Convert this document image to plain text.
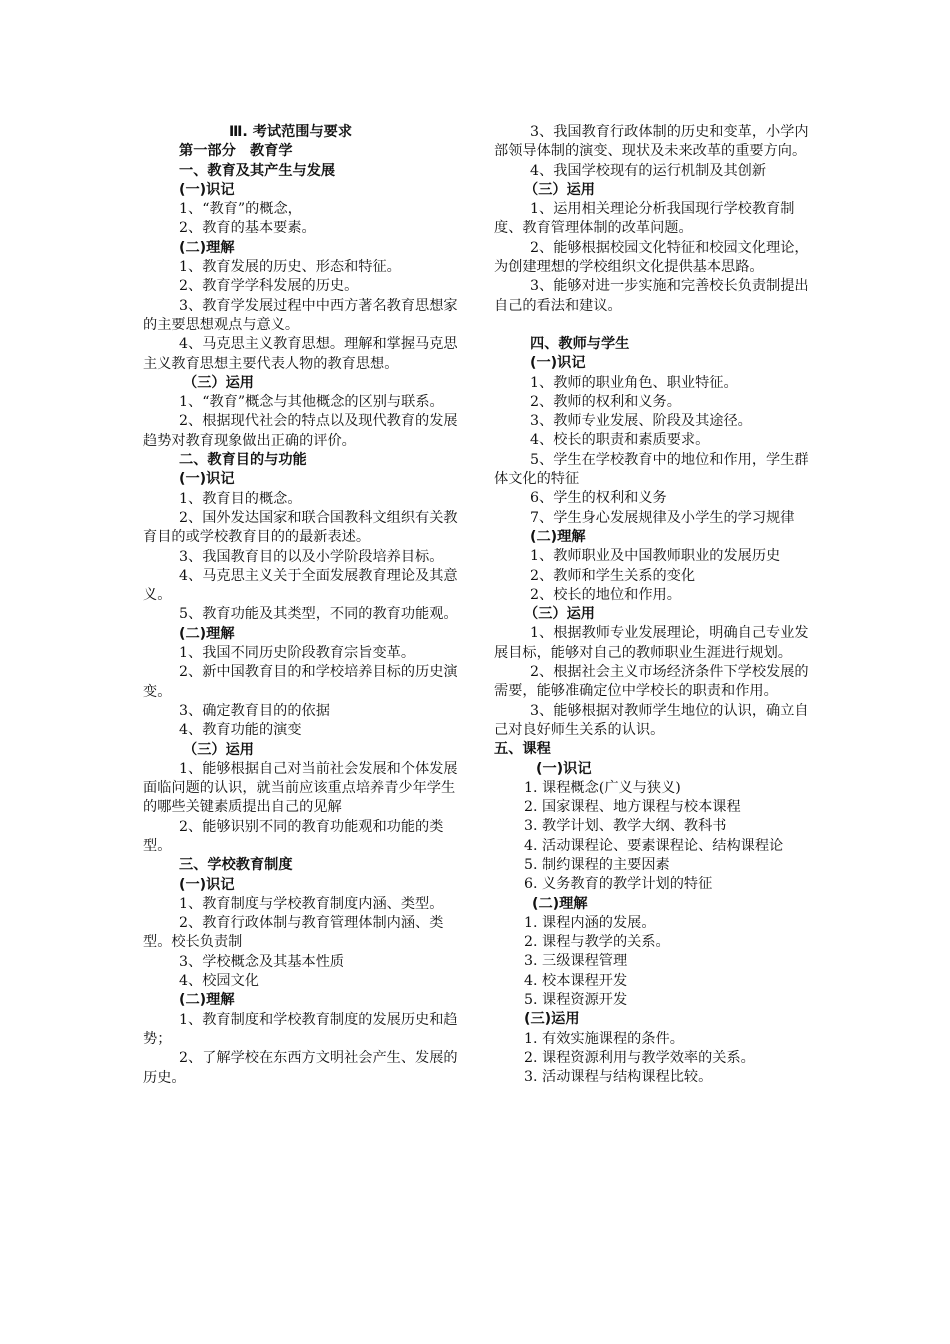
Ⅲ. 考试范围与要求
第一部分　教育学
一、教育及其产生与发展
(一)识记
1、“教育”的概念，
2、教育的基本要素。
(二)理解
1、教育发展的历史、形态和特征。
2、教育学学科发展的历史。
3、教育学发展过程中中西方著名教育思想家的主要思想观点与意义。
4、马克思主义教育思想。理解和掌握马克思主义教育思想主要代表人物的教育思想。
（三）运用
1、“教育”概念与其他概念的区别与联系。
2、根据现代社会的特点以及现代教育的发展趋势对教育现象做出正确的评价。
二、教育目的与功能
(一)识记
1、教育目的概念。
2、国外发达国家和联合国教科文组织有关教育目的或学校教育目的的最新表述。
3、我国教育目的以及小学阶段培养目标。
4、马克思主义关于全面发展教育理论及其意义。
5、教育功能及其类型，不同的教育功能观。
(二)理解
1、我国不同历史阶段教育宗旨变革。
2、新中国教育目的和学校培养目标的历史演变。
3、确定教育目的的依据
4、教育功能的演变
（三）运用
1、能够根据自己对当前社会发展和个体发展面临问题的认识，就当前应该重点培养青少年学生的哪些关键素质提出自己的见解
2、能够识别不同的教育功能观和功能的类型。
三、学校教育制度
(一)识记
1、教育制度与学校教育制度内涵、类型。
2、教育行政体制与教育管理体制内涵、类型。校长负责制
3、学校概念及其基本性质
4、校园文化
(二)理解
1、教育制度和学校教育制度的发展历史和趋势；
2、了解学校在东西方文明社会产生、发展的历史。
3、我国教育行政体制的历史和变革，小学内部领导体制的演变、现状及未来改革的重要方向。
4、我国学校现有的运行机制及其创新
（三）运用
1、运用相关理论分析我国现行学校教育制度、教育管理体制的改革问题。
2、能够根据校园文化特征和校园文化理论，为创建理想的学校组织文化提供基本思路。
3、能够对进一步实施和完善校长负责制提出自己的看法和建议。
四、教师与学生
(一)识记
1、教师的职业角色、职业特征。
2、教师的权利和义务。
3、教师专业发展、阶段及其途径。
4、校长的职责和素质要求。
5、学生在学校教育中的地位和作用，学生群体文化的特征
6、学生的权利和义务
7、学生身心发展规律及小学生的学习规律
(二)理解
1、教师职业及中国教师职业的发展历史
2、教师和学生关系的变化
2、校长的地位和作用。
（三）运用
1、根据教师专业发展理论，明确自己专业发展目标，能够对自己的教师职业生涯进行规划。
2、根据社会主义市场经济条件下学校发展的需要，能够准确定位中学校长的职责和作用。
3、能够根据对教师学生地位的认识，确立自己对良好师生关系的认识。
五、课程
(一)识记
1. 课程概念(广义与狭义)
2. 国家课程、地方课程与校本课程
3. 教学计划、教学大纲、教科书
4. 活动课程论、要素课程论、结构课程论
5. 制约课程的主要因素
6. 义务教育的教学计划的特征
(二)理解
1. 课程内涵的发展。
2. 课程与教学的关系。
3. 三级课程管理
4. 校本课程开发
5. 课程资源开发
(三)运用
1. 有效实施课程的条件。
2. 课程资源利用与教学效率的关系。
3. 活动课程与结构课程比较。
